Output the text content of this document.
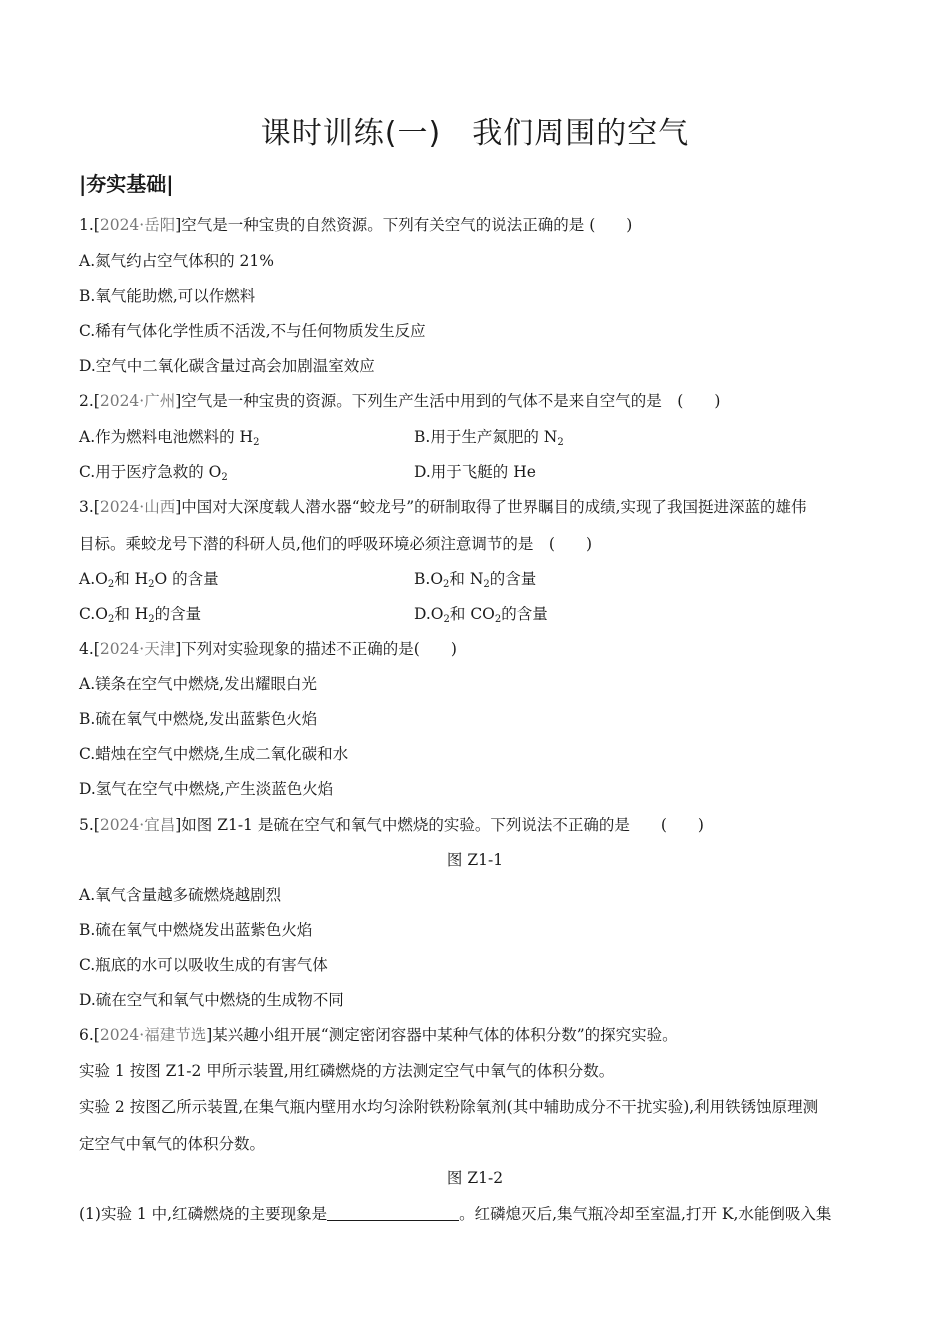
课时训练(一)　我们周围的空气
|夯实基础|
1.[2024·岳阳]空气是一种宝贵的自然资源。下列有关空气的说法正确的是 (　　)
A.氮气约占空气体积的 21%
B.氧气能助燃,可以作燃料
C.稀有气体化学性质不活泼,不与任何物质发生反应
D.空气中二氧化碳含量过高会加剧温室效应
2.[2024·广州]空气是一种宝贵的资源。下列生产生活中用到的气体不是来自空气的是　(　　)
A.作为燃料电池燃料的 $H_2$	B.用于生产氮肥的 $N_2$
C.用于医疗急救的 $O_2$	D.用于飞艇的 He
3.[2024·山西]中国对大深度载人潜水器“蛟龙号”的研制取得了世界瞩目的成绩,实现了我国挺进深蓝的雄伟
目标。乘蛟龙号下潜的科研人员,他们的呼吸环境必须注意调节的是　(　　)
$A.O_2$和 $H_2O$ 的含量	$B.O_2$和 $N_2$的含量
$C.O_2$和 $H_2$的含量	$D.O_2$和 $CO_2$的含量
4.[2024·天津]下列对实验现象的描述不正确的是(　　)
A.镁条在空气中燃烧,发出耀眼白光
B.硫在氧气中燃烧,发出蓝紫色火焰
C.蜡烛在空气中燃烧,生成二氧化碳和水
D.氢气在空气中燃烧,产生淡蓝色火焰
5.[2024·宜昌]如图 Z1-1 是硫在空气和氧气中燃烧的实验。下列说法不正确的是　　(　　)
图 Z1-1
A.氧气含量越多硫燃烧越剧烈
B.硫在氧气中燃烧发出蓝紫色火焰
C.瓶底的水可以吸收生成的有害气体
D.硫在空气和氧气中燃烧的生成物不同
6.[2024·福建节选]某兴趣小组开展“测定密闭容器中某种气体的体积分数”的探究实验。
实验 1 按图 Z1-2 甲所示装置,用红磷燃烧的方法测定空气中氧气的体积分数。
实验 2 按图乙所示装置,在集气瓶内壁用水均匀涂附铁粉除氧剂(其中辅助成分不干扰实验),利用铁锈蚀原理测
定空气中氧气的体积分数。
图 Z1-2
(1)实验 1 中,红磷燃烧的主要现象是	。红磷熄灭后,集气瓶冷却至室温,打开 K,水能倒吸入集
